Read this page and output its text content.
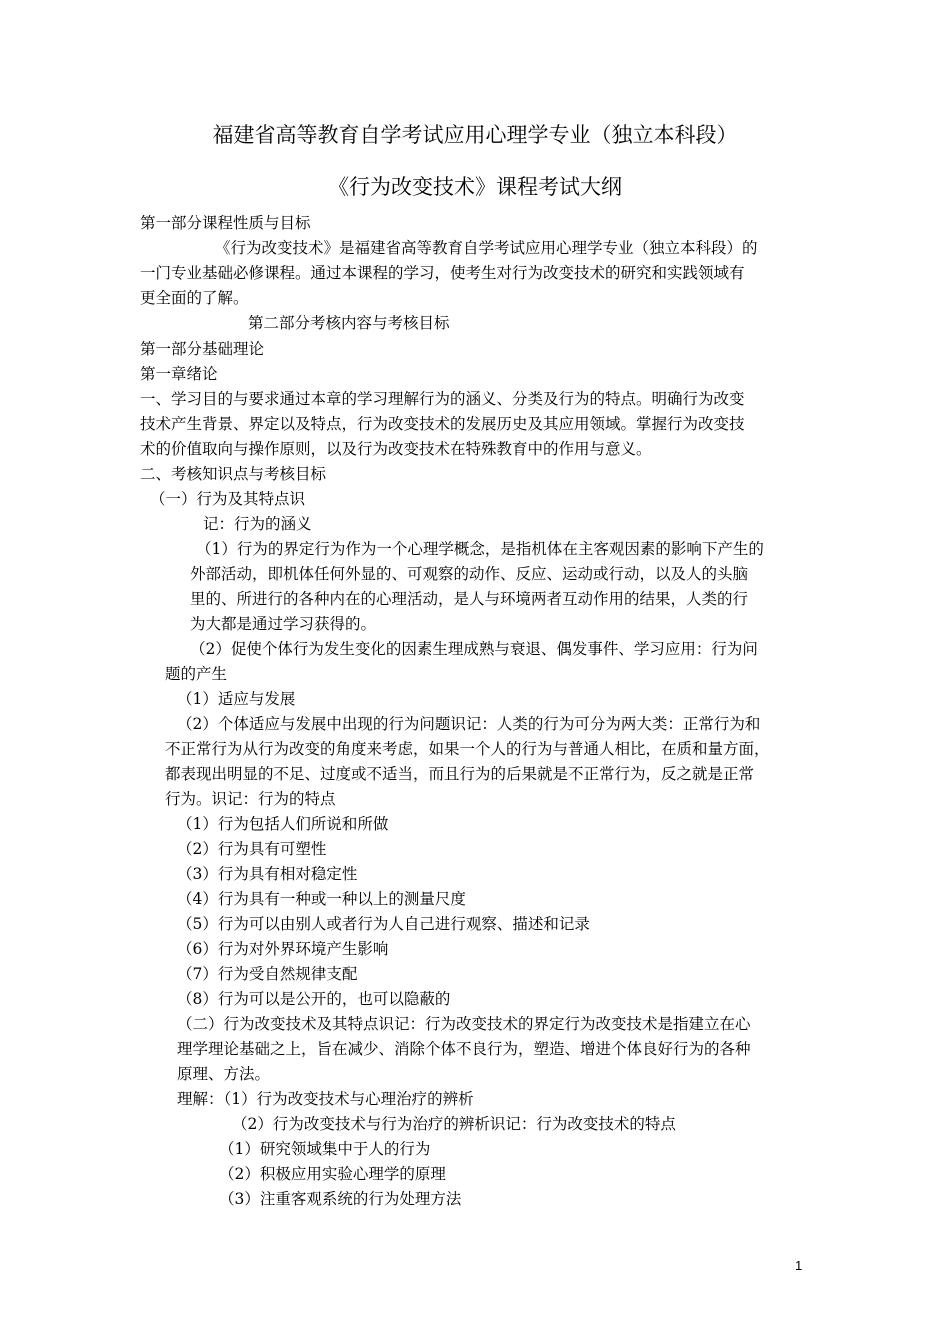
福建省高等教育自学考试应用心理学专业（独立本科段）
《行为改变技术》课程考试大纲
第一部分课程性质与目标
《行为改变技术》是福建省高等教育自学考试应用心理学专业（独立本科段）的
一门专业基础必修课程。通过本课程的学习，使考生对行为改变技术的研究和实践领域有
更全面的了解。
第二部分考核内容与考核目标
第一部分基础理论
第一章绪论
一、学习目的与要求通过本章的学习理解行为的涵义、分类及行为的特点。明确行为改变
技术产生背景、界定以及特点，行为改变技术的发展历史及其应用领域。掌握行为改变技
术的价值取向与操作原则，以及行为改变技术在特殊教育中的作用与意义。
二、考核知识点与考核目标
（一）行为及其特点识
记：行为的涵义
（1）行为的界定行为作为一个心理学概念，是指机体在主客观因素的影响下产生的
外部活动，即机体任何外显的、可观察的动作、反应、运动或行动，以及人的头脑
里的、所进行的各种内在的心理活动，是人与环境两者互动作用的结果，人类的行
为大都是通过学习获得的。
（2）促使个体行为发生变化的因素生理成熟与衰退、偶发事件、学习应用：行为问
题的产生
（1）适应与发展
（2）个体适应与发展中出现的行为问题识记：人类的行为可分为两大类：正常行为和
不正常行为从行为改变的角度来考虑，如果一个人的行为与普通人相比，在质和量方面，
都表现出明显的不足、过度或不适当，而且行为的后果就是不正常行为，反之就是正常
行为。识记：行为的特点
（1）行为包括人们所说和所做
（2）行为具有可塑性
（3）行为具有相对稳定性
（4）行为具有一种或一种以上的测量尺度
（5）行为可以由别人或者行为人自己进行观察、描述和记录
（6）行为对外界环境产生影响
（7）行为受自然规律支配
（8）行为可以是公开的，也可以隐蔽的
（二）行为改变技术及其特点识记：行为改变技术的界定行为改变技术是指建立在心
理学理论基础之上，旨在减少、消除个体不良行为，塑造、增进个体良好行为的各种
原理、方法。
理解：（1）行为改变技术与心理治疗的辨析
（2）行为改变技术与行为治疗的辨析识记：行为改变技术的特点
（1）研究领域集中于人的行为
（2）积极应用实验心理学的原理
（3）注重客观系统的行为处理方法
1
